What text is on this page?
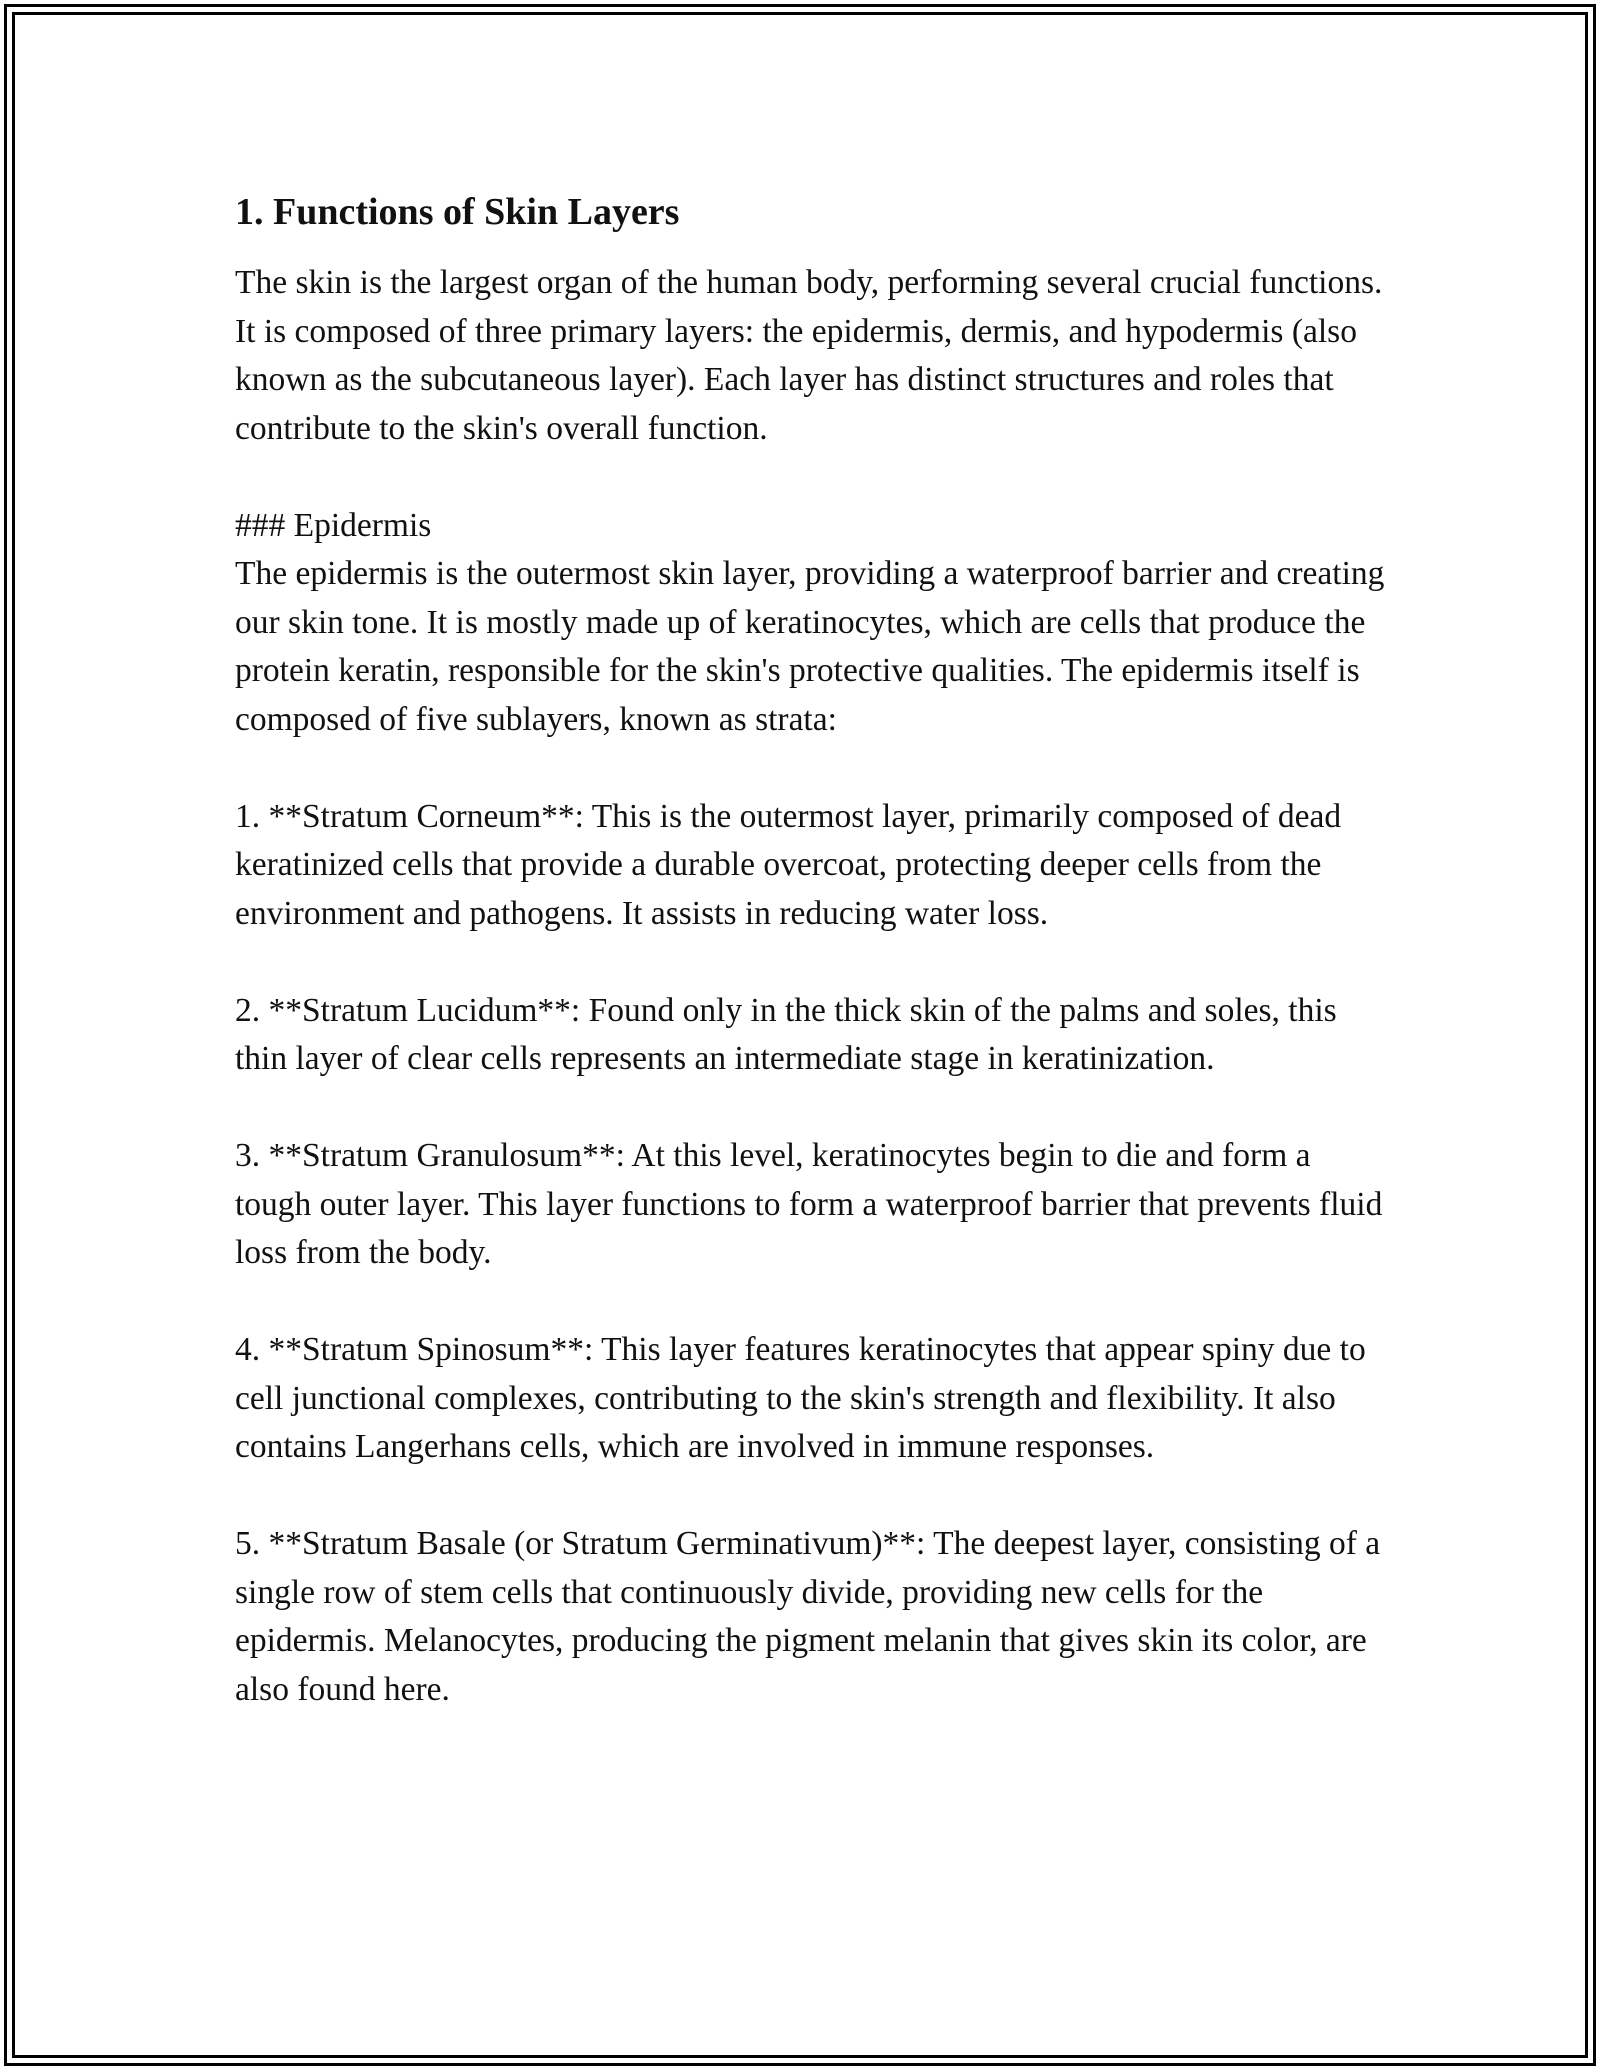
1. Functions of Skin Layers

The skin is the largest organ of the human body, performing several crucial functions. It is composed of three primary layers: the epidermis, dermis, and hypodermis (also known as the subcutaneous layer). Each layer has distinct structures and roles that contribute to the skin's overall function.

### Epidermis

The epidermis is the outermost skin layer, providing a waterproof barrier and creating our skin tone. It is mostly made up of keratinocytes, which are cells that produce the protein keratin, responsible for the skin's protective qualities. The epidermis itself is composed of five sublayers, known as strata:

1. **Stratum Corneum**: This is the outermost layer, primarily composed of dead keratinized cells that provide a durable overcoat, protecting deeper cells from the environment and pathogens. It assists in reducing water loss.

2. **Stratum Lucidum**: Found only in the thick skin of the palms and soles, this thin layer of clear cells represents an intermediate stage in keratinization.

3. **Stratum Granulosum**: At this level, keratinocytes begin to die and form a tough outer layer. This layer functions to form a waterproof barrier that prevents fluid loss from the body.

4. **Stratum Spinosum**: This layer features keratinocytes that appear spiny due to cell junctional complexes, contributing to the skin's strength and flexibility. It also contains Langerhans cells, which are involved in immune responses.

5. **Stratum Basale (or Stratum Germinativum)**: The deepest layer, consisting of a single row of stem cells that continuously divide, providing new cells for the epidermis. Melanocytes, producing the pigment melanin that gives skin its color, are also found here.
